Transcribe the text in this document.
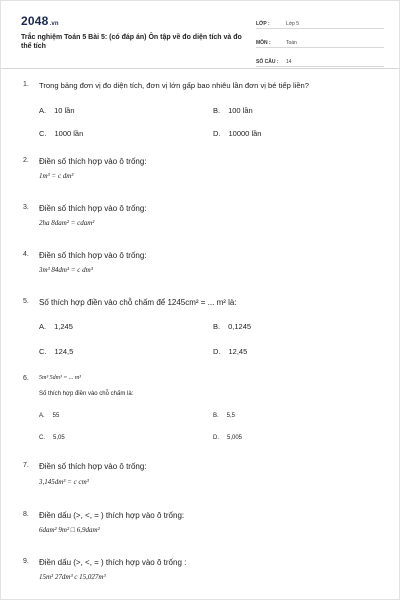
2048.vn
Trắc nghiệm Toán 5 Bài 5: (có đáp án) Ôn tập về đo diện tích và đo thể tích
LỚP :	Lớp 5
MÔN :	Toán
SỐ CÂU :	14
1. Trong bảng đơn vị đo diện tích, đơn vị lớn gấp bao nhiêu lần đơn vị bé tiếp liền?
A. 10 lần	B. 100 lần
C. 1000 lần	D. 10000 lần
2. Điền số thích hợp vào ô trống:
1m³ = c dm³
3. Điền số thích hợp vào ô trống:
2ha 8dam² = cdam²
4. Điền số thích hợp vào ô trống:
3m³ 84dm³ = c dm³
5. Số thích hợp điền vào chỗ chấm để 1245cm² = ... m² là:
A. 1,245	B. 0,1245
C. 124,5	D. 12,45
6. 5m³ 5dm³ = ... m³
Số thích hợp điền vào chỗ chấm là:
A. 55	B. 5,5
C. 5,05	D. 5,005
7. Điền số thích hợp vào ô trống:
3,145dm³ = c cm³
8. Điền dấu (>, <, = ) thích hợp vào ô trống:
6dam² 9m² □ 6,9dam²
9. Điền dấu (>, <, = ) thích hợp vào ô trống :
15m³ 27dm³ c 15,027m³
